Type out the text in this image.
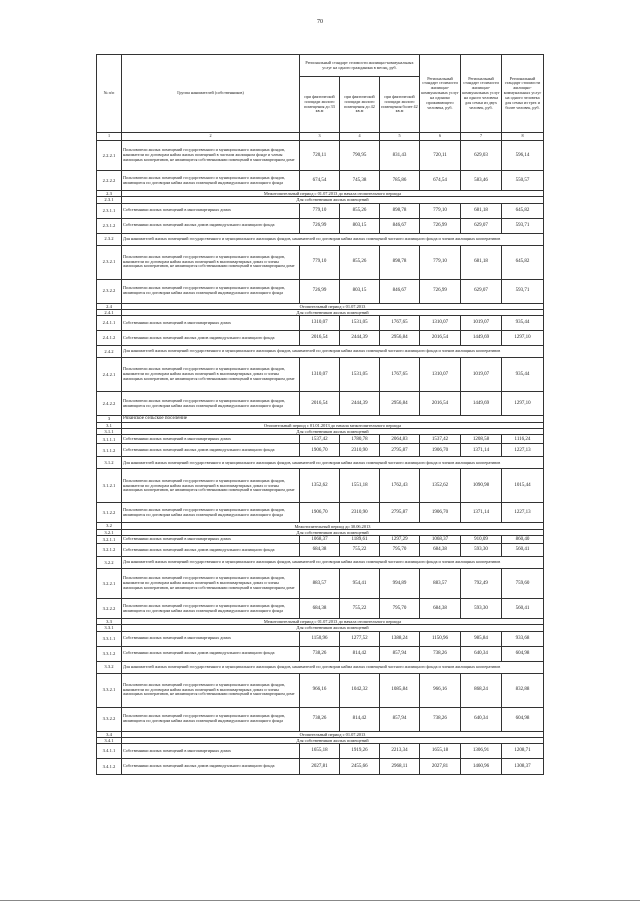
70
№ п/п	Группа нанимателей (собственников)	Региональный стандарт стоимости жилищно-коммунальных услуг на одного гражданина в месяц, руб.			Региональный стандарт стоимости жилищно-коммунальных услуг на одиноко проживающего человека, руб.	Региональный стандарт стоимости жилищно-коммунальных услуг на одного человека для семьи из двух человек, руб.	Региональный стандарт стоимости жилищно-коммунальных услуг на одного человека для семьи из трех и более человек, руб.
		при фактической площади жилого помещения до 33 кв.м	при фактической площади жилого помещения до 42 кв.м	при фактической площади жилого помещения более 42 кв.м			
1	2	3	4	5	6	7	8
2.2.2.1	Пользователи жилых помещений государственного и муниципального жилищных фондов, наниматели по договорам найма жилых помещений в частном жилищном фонде и члены жилищных кооперативов, не являющиеся собственниками помещений в многоквартирном доме	720,11	790,95	831,43	720,11	629,03	596,14
2.2.2.2	Пользователи жилых помещений государственного и муниципального жилищных фондов, являющиеся по договорам найма жилых помещений индивидуального жилищного фонда	674,54	745,38	785,86	674,54	583,46	550,57
2.3	Межотопительный период с 01.07.2013 до начала отопительного периода						
2.3.1	Для собственников жилых помещений						
2.3.1.1	Собственники жилых помещений в многоквартирных домах	779,10	855,26	898,78	779,10	681,18	645,82
2.3.1.2	Собственники жилых помещений жилых домов индивидуального жилищного фонда	726,99	803,15	846,67	726,99	629,07	593,71
2.3.2	Для нанимателей жилых помещений государственного и муниципального жилищных фондов, нанимателей по договорам найма жилых помещений частного жилищного фонда и членов жилищных кооперативов						
2.3.2.1	Пользователи жилых помещений государственного и муниципального жилищных фондов, наниматели по договорам найма жилых помещений в многоквартирных домах и члены жилищных кооперативов, не являющиеся собственниками помещений в многоквартирном доме	779,10	855,26	898,78	779,10	681,18	645,82
2.3.2.2	Пользователи жилых помещений государственного и муниципального жилищных фондов, являющиеся по договорам найма жилых помещений индивидуального жилищного фонда	726,99	803,15	846,67	726,99	629,07	593,71
2.4	Отопительный период с 01.07.2013						
2.4.1	Для собственников жилых помещений						
2.4.1.1	Собственники жилых помещений в многоквартирных домах	1310,07	1531,05	1767,65	1310,07	1019,07	935,44
2.4.1.2	Собственники жилых помещений жилых домов индивидуального жилищного фонда	2016,54	2444,39	2956,84	2016,54	1449,69	1297,10
2.4.2	Для нанимателей жилых помещений государственного и муниципального жилищных фондов, нанимателей по договорам найма жилых помещений частного жилищного фонда и членов жилищных кооперативов						
2.4.2.1	Пользователи жилых помещений государственного и муниципального жилищных фондов, наниматели по договорам найма жилых помещений в многоквартирных домах и члены жилищных кооперативов, не являющиеся собственниками помещений в многоквартирном доме	1310,07	1531,05	1767,65	1310,07	1019,07	935,44
2.4.2.2	Пользователи жилых помещений государственного и муниципального жилищных фондов, являющиеся по договорам найма жилых помещений индивидуального жилищного фонда	2016,54	2444,39	2956,84	2016,54	1449,69	1297,10
3	Рязанское сельское поселение						
3.1	Отопительный период с 01.01.2013 до начала межотопительного периода						
3.1.1	Для собственников жилых помещений						
3.1.1.1	Собственники жилых помещений в многоквартирных домах	1537,42	1780,78	2064,83	1537,42	1208,58	1116,24
3.1.1.2	Собственники жилых помещений жилых домов индивидуального жилищного фонда	1906,70	2310,90	2795,87	1906,70	1371,14	1227,13
3.1.2	Для нанимателей жилых помещений государственного и муниципального жилищных фондов, нанимателей по договорам найма жилых помещений частного жилищного фонда и членов жилищных кооперативов						
3.1.2.1	Пользователи жилых помещений государственного и муниципального жилищных фондов, наниматели по договорам найма жилых помещений в многоквартирных домах и члены жилищных кооперативов, не являющиеся собственниками помещений в многоквартирном доме	1352,62	1551,18	1762,43	1352,62	1090,98	1015,44
3.1.2.2	Пользователи жилых помещений государственного и муниципального жилищных фондов, являющиеся по договорам найма жилых помещений индивидуального жилищного фонда	1906,70	2310,90	2795,87	1906,70	1371,14	1227,13
3.2	Межотопительный период до 30.06.2013						
3.2.1	Для собственников жилых помещений						
3.2.1.1	Собственники жилых помещений в многоквартирных домах	1068,37	1189,61	1297,29	1068,37	910,09	860,40
3.2.1.2	Собственники жилых помещений жилых домов индивидуального жилищного фонда	684,38	755,22	795,70	684,38	593,30	560,41
3.2.2	Для нанимателей жилых помещений государственного и муниципального жилищных фондов, нанимателей по договорам найма жилых помещений частного жилищного фонда и членов жилищных кооперативов						
3.2.2.1	Пользователи жилых помещений государственного и муниципального жилищных фондов, наниматели по договорам найма жилых помещений в многоквартирных домах и члены жилищных кооперативов, не являющиеся собственниками помещений в многоквартирном доме	883,57	954,41	994,89	883,57	792,49	759,60
3.2.2.2	Пользователи жилых помещений государственного и муниципального жилищных фондов, являющиеся по договорам найма жилых помещений индивидуального жилищного фонда	684,38	755,22	795,70	684,38	593,30	560,41
3.3	Межотопительный период с 01.07.2013 до начала отопительного периода						
3.3.1	Для собственников жилых помещений						
3.3.1.1	Собственники жилых помещений в многоквартирных домах	1150,96	1277,52	1388,24	1150,96	985,84	933,68
3.3.1.2	Собственники жилых помещений жилых домов индивидуального жилищного фонда	738,26	814,42	857,94	738,26	640,34	604,98
3.3.2	Для нанимателей жилых помещений государственного и муниципального жилищных фондов, нанимателей по договорам найма жилых помещений частного жилищного фонда и членов жилищных кооперативов						
3.3.2.1	Пользователи жилых помещений государственного и муниципального жилищных фондов, наниматели по договорам найма жилых помещений в многоквартирных домах и члены жилищных кооперативов, не являющиеся собственниками помещений в многоквартирном доме	966,16	1042,32	1085,84	966,16	868,24	832,88
3.3.2.2	Пользователи жилых помещений государственного и муниципального жилищных фондов, являющиеся по договорам найма жилых помещений индивидуального жилищного фонда	738,26	814,42	857,94	738,26	640,34	604,98
3.4	Отопительный период с 01.07.2013						
3.4.1	Для собственников жилых помещений						
3.4.1.1	Собственники жилых помещений в многоквартирных домах	1655,18	1919,26	2213,34	1655,18	1306,91	1208,71
3.4.1.2	Собственники жилых помещений жилых домов индивидуального жилищного фонда	2027,81	2455,66	2968,11	2027,81	1460,96	1308,37
